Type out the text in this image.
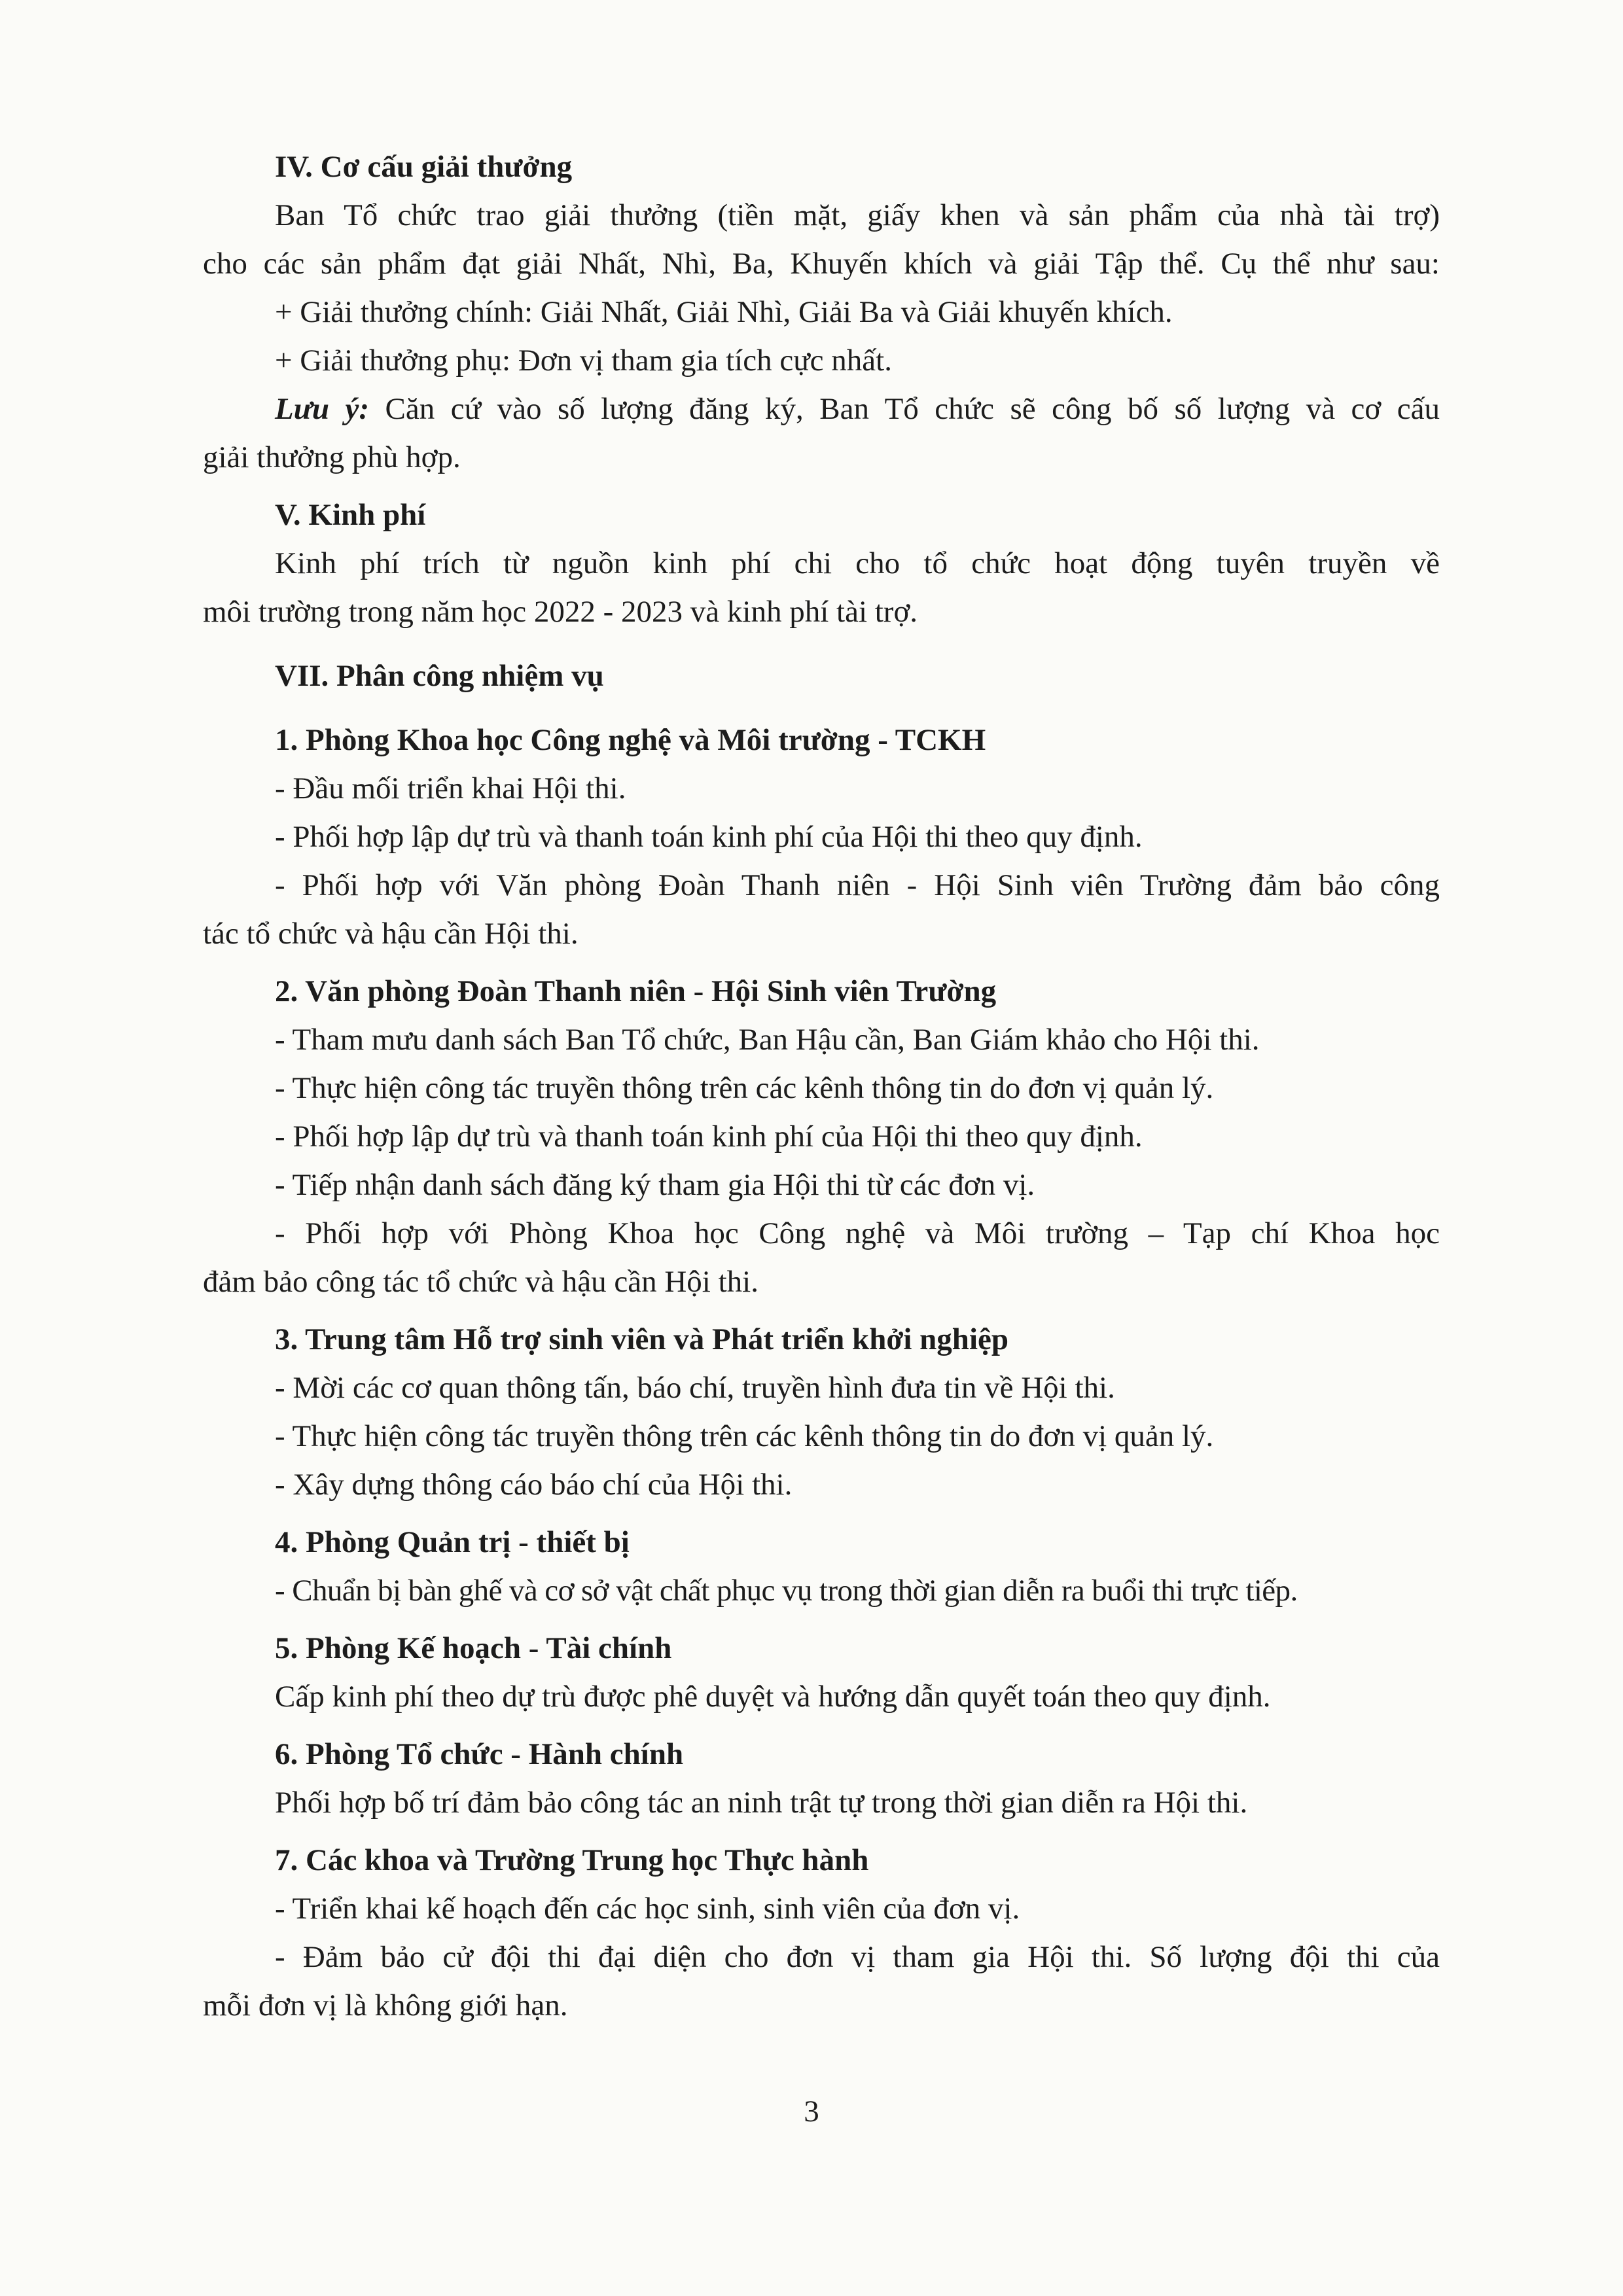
IV. Cơ cấu giải thưởng
Ban Tổ chức trao giải thưởng (tiền mặt, giấy khen và sản phẩm của nhà tài trợ)
cho các sản phẩm đạt giải Nhất, Nhì, Ba, Khuyến khích và giải Tập thể. Cụ thể như sau:
+ Giải thưởng chính: Giải Nhất, Giải Nhì, Giải Ba và Giải khuyến khích.
+ Giải thưởng phụ: Đơn vị tham gia tích cực nhất.
Lưu ý: Căn cứ vào số lượng đăng ký, Ban Tổ chức sẽ công bố số lượng và cơ cấu
giải thưởng phù hợp.
V. Kinh phí
Kinh phí trích từ nguồn kinh phí chi cho tổ chức hoạt động tuyên truyền về
môi trường trong năm học 2022 - 2023 và kinh phí tài trợ.
VII. Phân công nhiệm vụ
1. Phòng Khoa học Công nghệ và Môi trường - TCKH
- Đầu mối triển khai Hội thi.
- Phối hợp lập dự trù và thanh toán kinh phí của Hội thi theo quy định.
- Phối hợp với Văn phòng Đoàn Thanh niên - Hội Sinh viên Trường đảm bảo công
tác tổ chức và hậu cần Hội thi.
2. Văn phòng Đoàn Thanh niên - Hội Sinh viên Trường
- Tham mưu danh sách Ban Tổ chức, Ban Hậu cần, Ban Giám khảo cho Hội thi.
- Thực hiện công tác truyền thông trên các kênh thông tin do đơn vị quản lý.
- Phối hợp lập dự trù và thanh toán kinh phí của Hội thi theo quy định.
- Tiếp nhận danh sách đăng ký tham gia Hội thi từ các đơn vị.
- Phối hợp với Phòng Khoa học Công nghệ và Môi trường – Tạp chí Khoa học
đảm bảo công tác tổ chức và hậu cần Hội thi.
3. Trung tâm Hỗ trợ sinh viên và Phát triển khởi nghiệp
- Mời các cơ quan thông tấn, báo chí, truyền hình đưa tin về Hội thi.
- Thực hiện công tác truyền thông trên các kênh thông tin do đơn vị quản lý.
- Xây dựng thông cáo báo chí của Hội thi.
4. Phòng Quản trị - thiết bị
- Chuẩn bị bàn ghế và cơ sở vật chất phục vụ trong thời gian diễn ra buổi thi trực tiếp.
5. Phòng Kế hoạch - Tài chính
Cấp kinh phí theo dự trù được phê duyệt và hướng dẫn quyết toán theo quy định.
6. Phòng Tổ chức - Hành chính
Phối hợp bố trí đảm bảo công tác an ninh trật tự trong thời gian diễn ra Hội thi.
7. Các khoa và Trường Trung học Thực hành
- Triển khai kế hoạch đến các học sinh, sinh viên của đơn vị.
- Đảm bảo cử đội thi đại diện cho đơn vị tham gia Hội thi. Số lượng đội thi của
mỗi đơn vị là không giới hạn.
3
